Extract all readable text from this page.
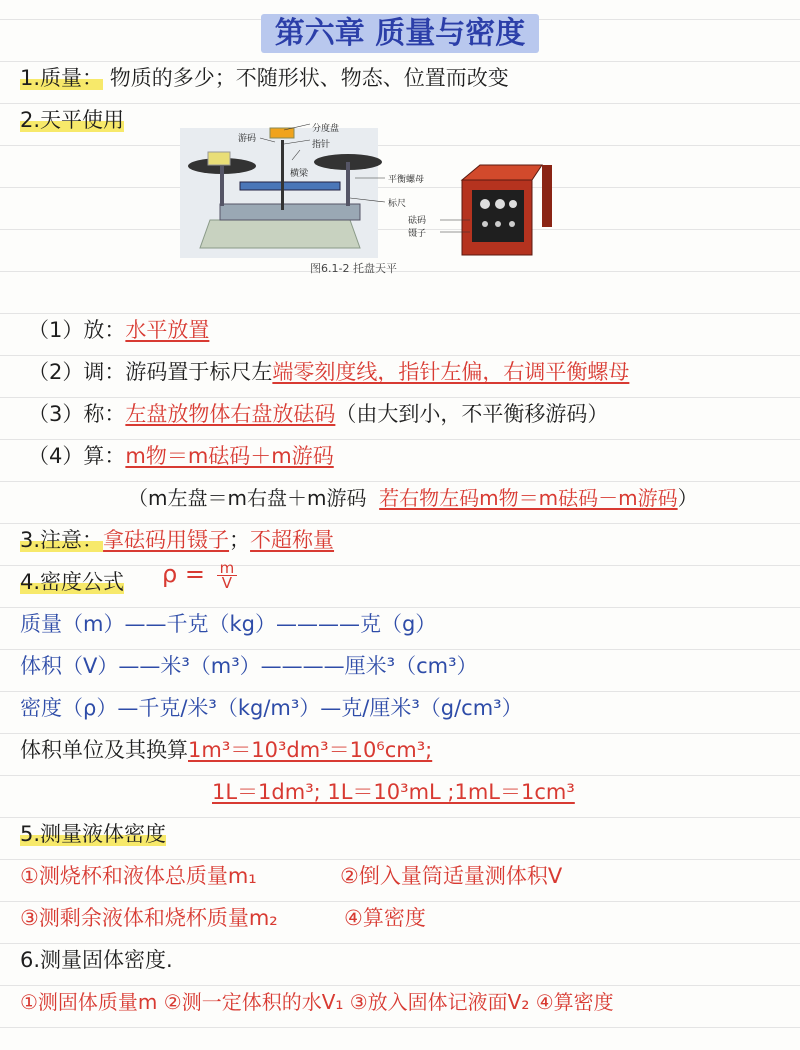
第六章 质量与密度
1.质量： 物质的多少；不随形状、物态、位置而改变
2.天平使用	分度盘
指针
游码
横梁
平衡螺母
标尺
砝码
镊子
图6.1-2 托盘天平
（1）放：水平放置
（2）调：游码置于标尺左端零刻度线，指针左偏，右调平衡螺母
（3）称：左盘放物体右盘放砝码（由大到小，不平衡移游码）
（4）算：m物＝m砝码＋m游码
（m左盘＝m右盘＋m游码 若右物左码m物＝m砝码－m游码）
3.注意：拿砝码用镊子；不超称量
4.密度公式 $\rho = \frac{m}{V}$
质量（m）——千克（kg）————克（g）
体积（V）——米³（m³）————厘米³（cm³）
密度（ρ）—千克/米³（kg/m³）—克/厘米³（g/cm³）
体积单位及其换算1m³＝10³dm³＝10⁶cm³;
1L＝1dm³; 1L＝10³mL ;1mL＝1cm³
5.测量液体密度
①测烧杯和液体总质量m₁	②倒入量筒适量测体积V
③测剩余液体和烧杯质量m₂	④算密度
6.测量固体密度.
①测固体质量m ②测一定体积的水V₁ ③放入固体记液面V₂ ④算密度
